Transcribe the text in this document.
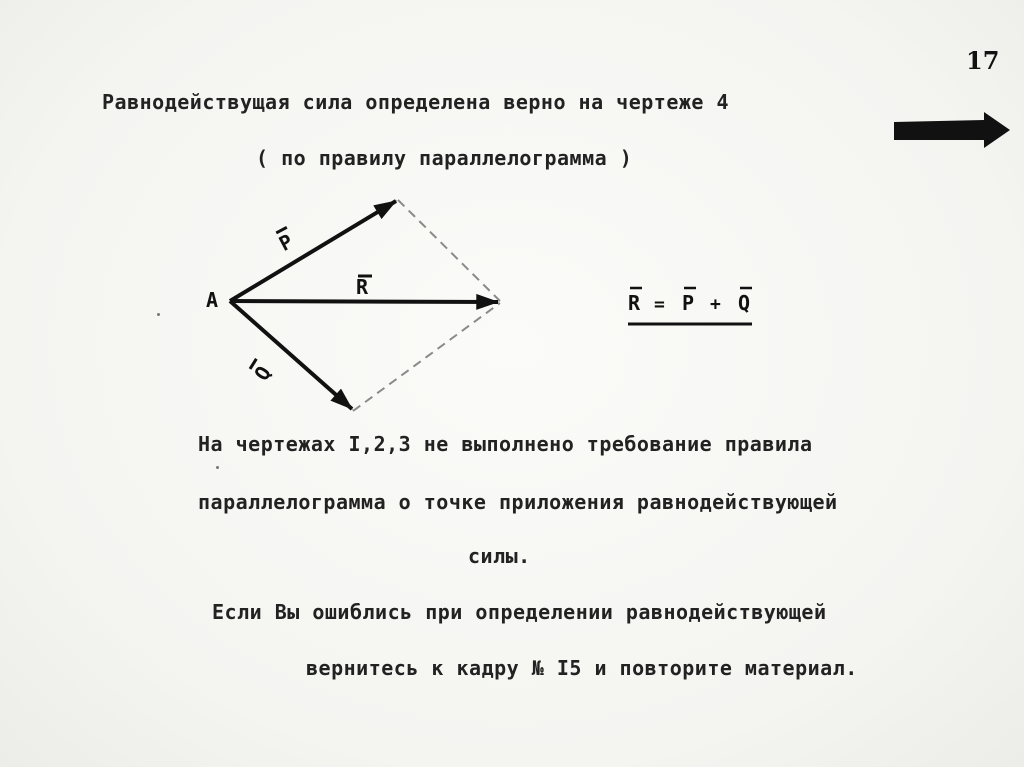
17
Равнодействущая сила определена верно на чертеже 4
( по правилу параллелограмма )
A
P
R
Q
R = P + Q
На чертежах I,2,3 не выполнено требование правила
параллелограмма о точке приложения равнодействующей
силы.
Если Вы ошиблись при определении равнодействующей
вернитесь к кадру № I5 и повторите материал.
